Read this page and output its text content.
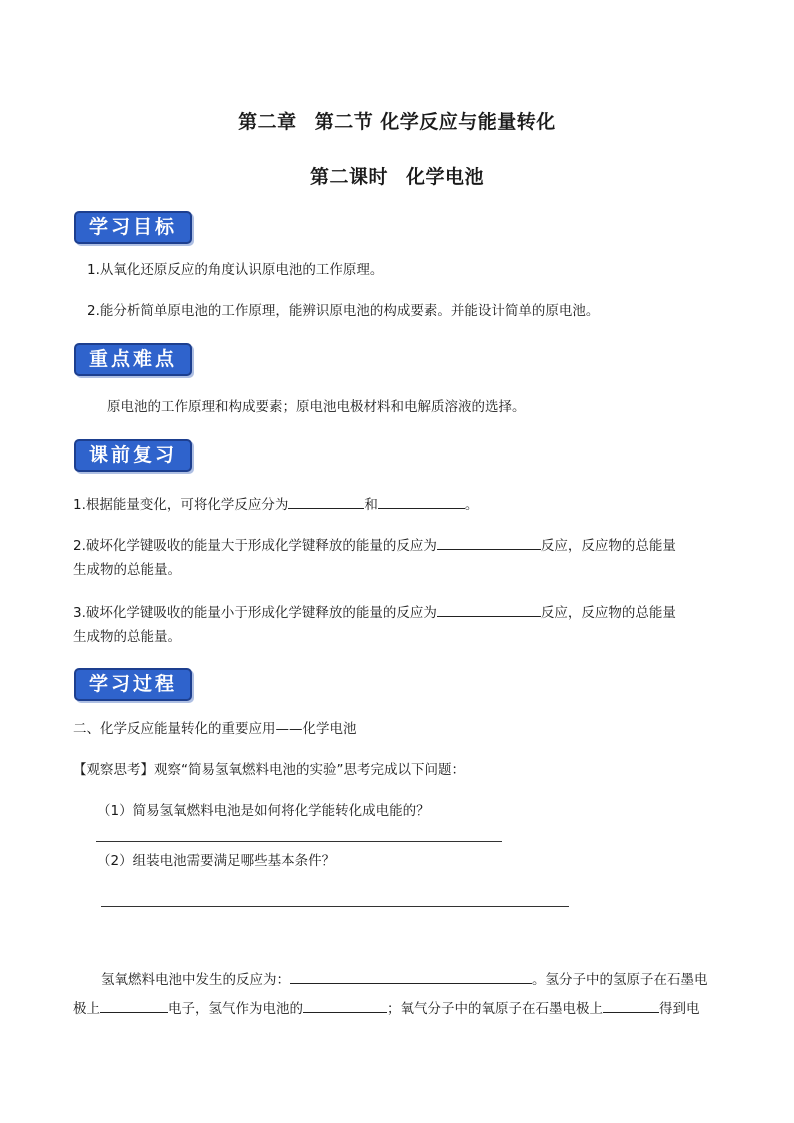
第二章 第二节 化学反应与能量转化
第二课时 化学电池
学习目标
1.从氧化还原反应的角度认识原电池的工作原理。
2.能分析简单原电池的工作原理，能辨识原电池的构成要素。并能设计简单的原电池。
重点难点
原电池的工作原理和构成要素；原电池电极材料和电解质溶液的选择。
课前复习
1.根据能量变化，可将化学反应分为	和	。
2.破坏化学键吸收的能量大于形成化学键释放的能量的反应为	反应，反应物的总能量
生成物的总能量。
3.破坏化学键吸收的能量小于形成化学键释放的能量的反应为	反应，反应物的总能量
生成物的总能量。
学习过程
二、化学反应能量转化的重要应用——化学电池
【观察思考】观察“简易氢氧燃料电池的实验”思考完成以下问题：
（1）简易氢氧燃料电池是如何将化学能转化成电能的？
（2）组装电池需要满足哪些基本条件？
氢氧燃料电池中发生的反应为：	。氢分子中的氢原子在石墨电
极上	电子，氢气作为电池的	；氧气分子中的氧原子在石墨电极上	得到电
